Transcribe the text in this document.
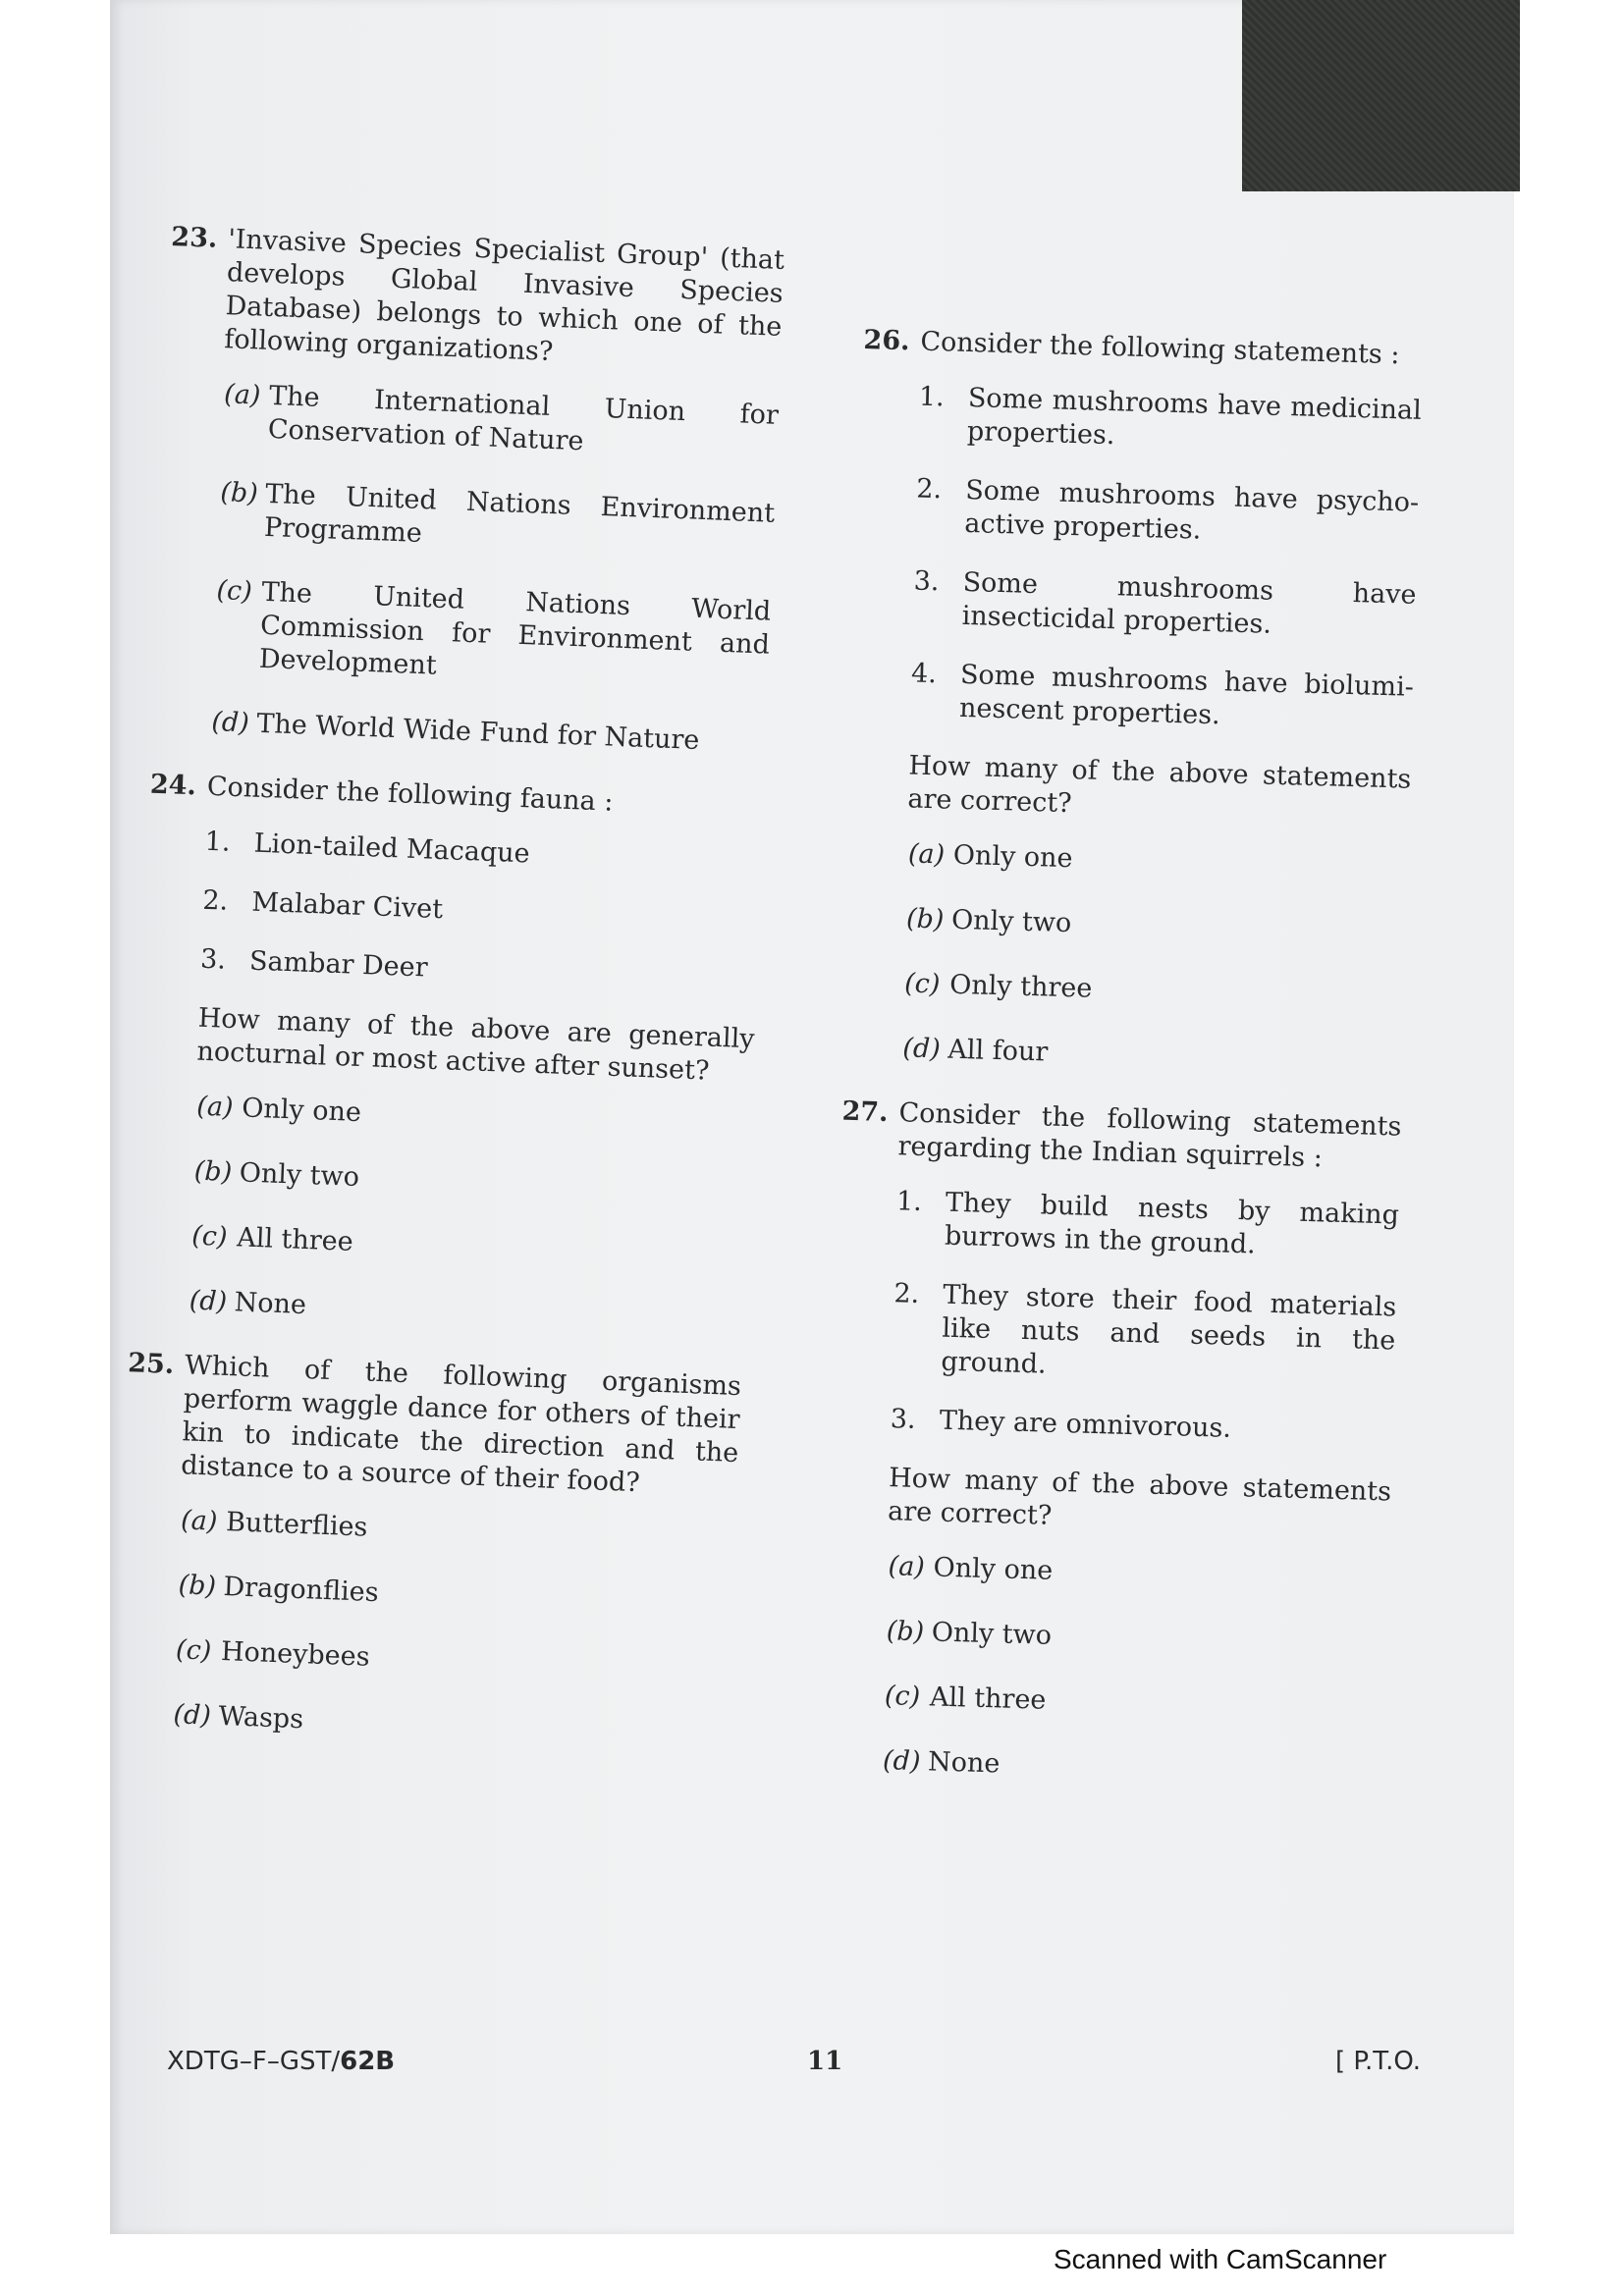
23. 'Invasive Species Specialist Group' (that develops Global Invasive Species Database) belongs to which one of the following organizations?
(a) The International Union for Conservation of Nature
(b) The United Nations Environment Programme
(c) The United Nations World Commission for Environment and Development
(d) The World Wide Fund for Nature
24. Consider the following fauna :
1. Lion-tailed Macaque
2. Malabar Civet
3. Sambar Deer
How many of the above are generally nocturnal or most active after sunset?
(a) Only one
(b) Only two
(c) All three
(d) None
25. Which of the following organisms perform waggle dance for others of their kin to indicate the direction and the distance to a source of their food?
(a) Butterflies
(b) Dragonflies
(c) Honeybees
(d) Wasps
26. Consider the following statements :
1. Some mushrooms have medicinal properties.
2. Some mushrooms have psycho-active properties.
3. Some mushrooms have insecticidal properties.
4. Some mushrooms have biolumi-nescent properties.
How many of the above statements are correct?
(a) Only one
(b) Only two
(c) Only three
(d) All four
27. Consider the following statements regarding the Indian squirrels :
1. They build nests by making burrows in the ground.
2. They store their food materials like nuts and seeds in the ground.
3. They are omnivorous.
How many of the above statements are correct?
(a) Only one
(b) Only two
(c) All three
(d) None
XDTG–F–GST/62B	11	[ P.T.O.
Scanned with CamScanner
